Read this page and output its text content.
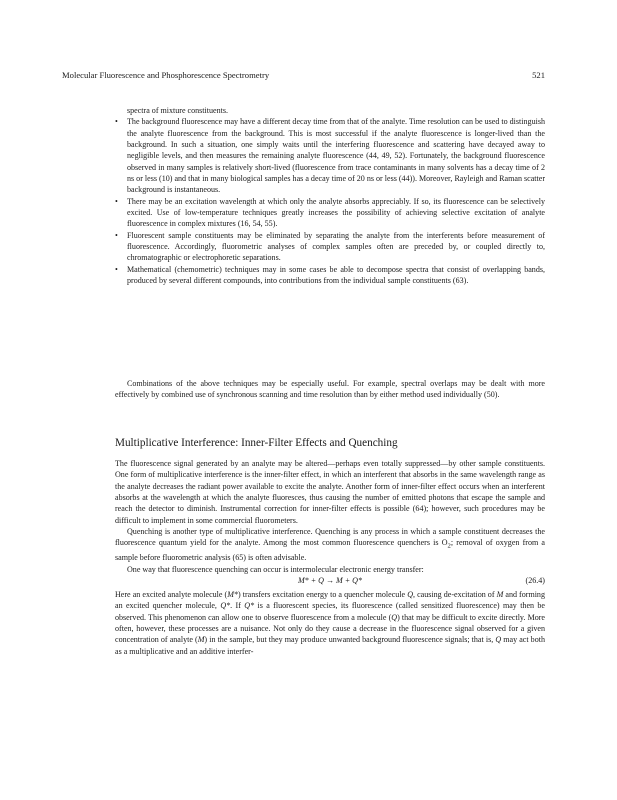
Molecular Fluorescence and Phosphorescence Spectrometry	521

spectra of mixture constituents.

• The background fluorescence may have a different decay time from that of the analyte. Time resolution can be used to distinguish the analyte fluorescence from the background. This is most successful if the analyte fluorescence is longer-lived than the background. In such a situation, one simply waits until the interfering fluorescence and scattering have decayed away to negligible levels, and then measures the remaining analyte fluorescence (44, 49, 52). Fortunately, the background fluorescence observed in many samples is relatively short-lived (fluorescence from trace contaminants in many solvents has a decay time of 2 ns or less (10) and that in many biological samples has a decay time of 20 ns or less (44)). Moreover, Rayleigh and Raman scatter background is instantaneous.
• There may be an excitation wavelength at which only the analyte absorbs appreciably. If so, its fluorescence can be selectively excited. Use of low-temperature techniques greatly increases the possibility of achieving selective excitation of analyte fluorescence in complex mixtures (16, 54, 55).
• Fluorescent sample constituents may be eliminated by separating the analyte from the interferents before measurement of fluorescence. Accordingly, fluorometric analyses of complex samples often are preceded by, or coupled directly to, chromatographic or electrophoretic separations.
• Mathematical (chemometric) techniques may in some cases be able to decompose spectra that consist of overlapping bands, produced by several different compounds, into contributions from the individual sample constituents (63).

Combinations of the above techniques may be especially useful. For example, spectral overlaps may be dealt with more effectively by combined use of synchronous scanning and time resolution than by either method used individually (50).

Multiplicative Interference: Inner-Filter Effects and Quenching

The fluorescence signal generated by an analyte may be altered—perhaps even totally suppressed—by other sample constituents. One form of multiplicative interference is the inner-filter effect, in which an interferent that absorbs in the same wavelength range as the analyte decreases the radiant power available to excite the analyte. Another form of inner-filter effect occurs when an interferent absorbs at the wavelength at which the analyte fluoresces, thus causing the number of emitted photons that escape the sample and reach the detector to diminish. Instrumental correction for inner-filter effects is possible (64); however, such procedures may be difficult to implement in some commercial fluorometers.

Quenching is another type of multiplicative interference. Quenching is any process in which a sample constituent decreases the fluorescence quantum yield for the analyte. Among the most common fluorescence quenchers is $O_2$; removal of oxygen from a sample before fluorometric analysis (65) is often advisable.

One way that fluorescence quenching can occur is intermolecular electronic energy transfer:

M* + Q → M + Q*	(26.4)

Here an excited analyte molecule (M*) transfers excitation energy to a quencher molecule Q, causing de-excitation of M and forming an excited quencher molecule, Q*. If Q* is a fluorescent species, its fluorescence (called sensitized fluorescence) may then be observed. This phenomenon can allow one to observe fluorescence from a molecule (Q) that may be difficult to excite directly. More often, however, these processes are a nuisance. Not only do they cause a decrease in the fluorescence signal observed for a given concentration of analyte (M) in the sample, but they may produce unwanted background fluorescence signals; that is, Q may act both as a multiplicative and an additive interfer-
